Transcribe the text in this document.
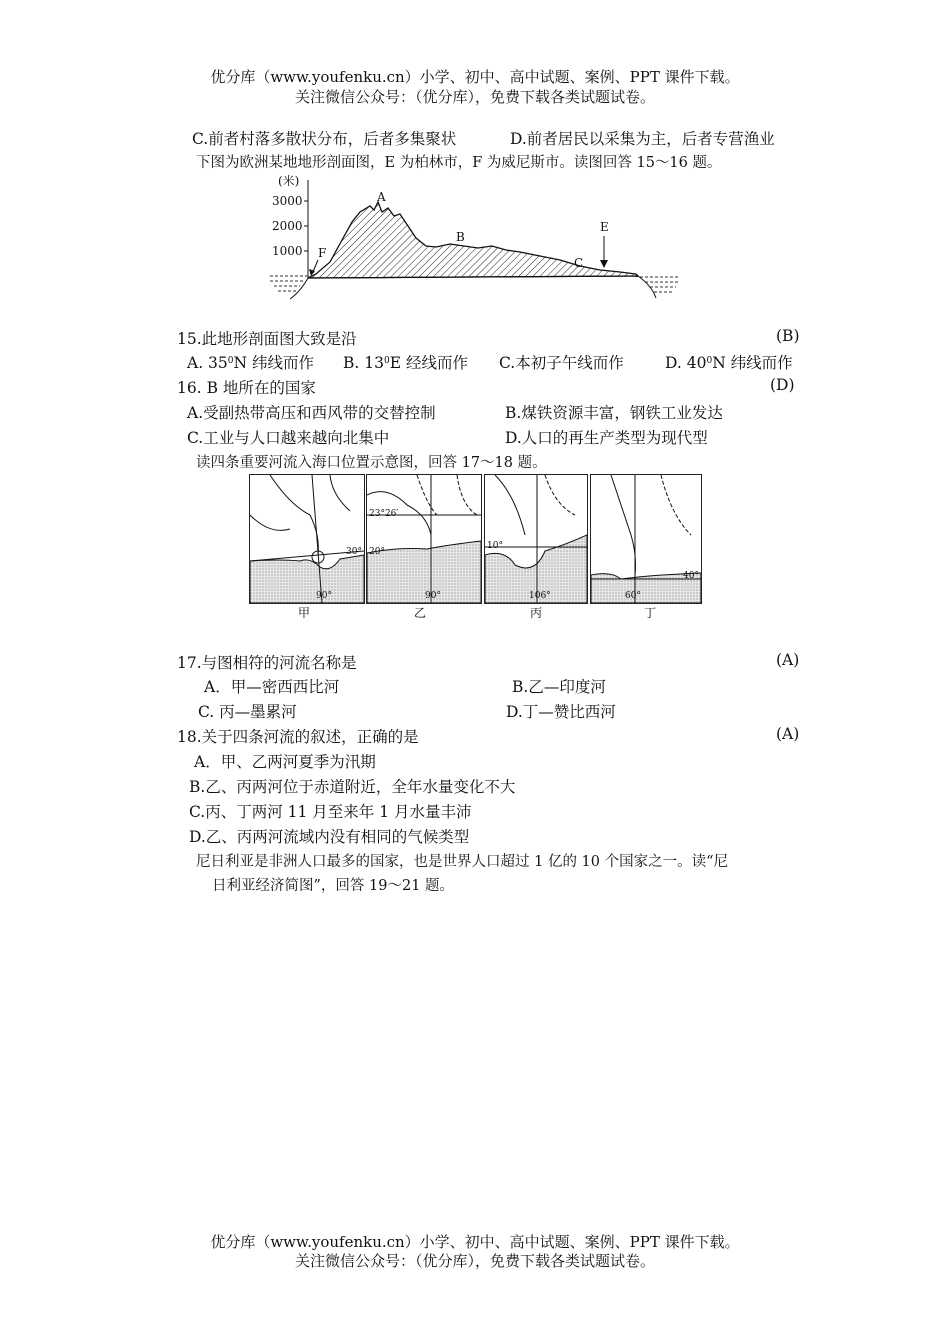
优分库（www.youfenku.cn）小学、初中、高中试题、案例、PPT 课件下载。
关注微信公众号：（优分库），免费下载各类试题试卷。
C.前者村落多散状分布，后者多集聚状	D.前者居民以采集为主，后者专营渔业
下图为欧洲某地地形剖面图，E 为柏林市，F 为威尼斯市。读图回答 15～16 题。
(米)
3000
2000
1000
A
B
C
E
F
15.此地形剖面图大致是沿	(B)
A. $35^0N$ 纬线而作 B. $13^0E$ 经线而作 C.本初子午线而作	D. $40^0N$ 纬线而作
16. B 地所在的国家	(D)
A.受副热带高压和西风带的交替控制	B.煤铁资源丰富，钢铁工业发达
C.工业与人口越来越向北集中	D.人口的再生产类型为现代型
读四条重要河流入海口位置示意图，回答 17～18 题。
30°
90°
23°26′
20°
90°
10°
106°
40°
60°
甲	乙	丙	丁
17.与图相符的河流名称是	(A)
A．甲—密西西比河	B.乙—印度河
C. 丙—墨累河	D.丁—赞比西河
18.关于四条河流的叙述，正确的是	(A)
A．甲、乙两河夏季为汛期
B.乙、丙两河位于赤道附近，全年水量变化不大
C.丙、丁两河 11 月至来年 1 月水量丰沛
D.乙、丙两河流域内没有相同的气候类型
尼日利亚是非洲人口最多的国家，也是世界人口超过 1 亿的 10 个国家之一。读“尼
日利亚经济简图”，回答 19～21 题。
优分库（www.youfenku.cn）小学、初中、高中试题、案例、PPT 课件下载。
关注微信公众号：（优分库），免费下载各类试题试卷。
